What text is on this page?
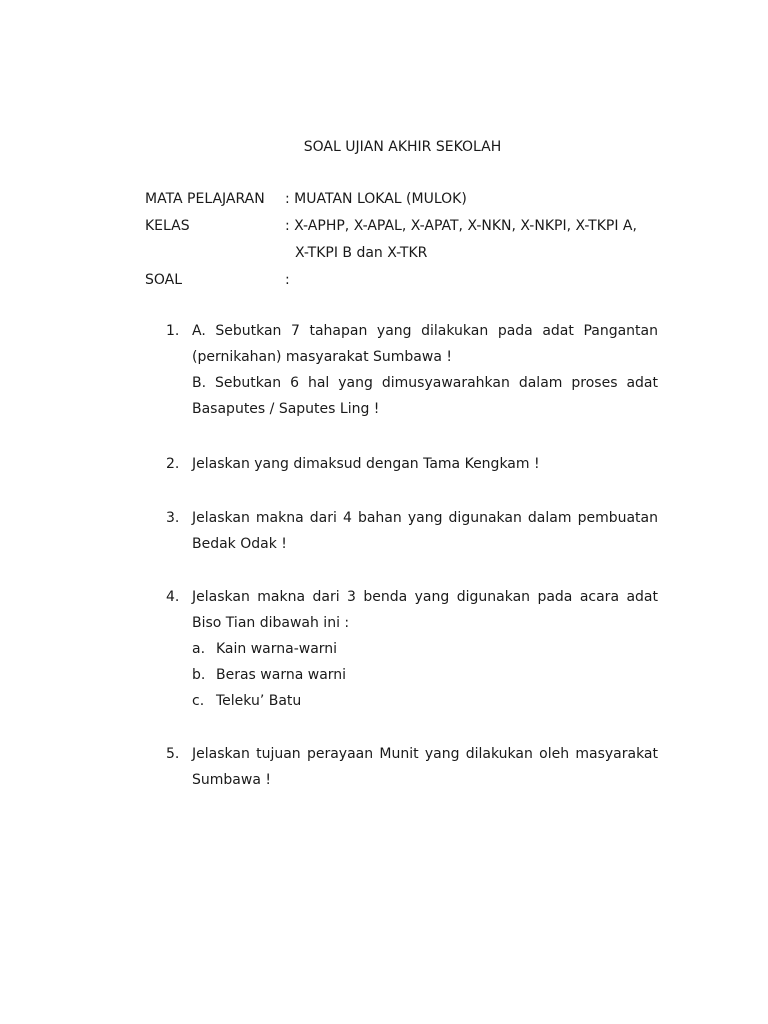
SOAL UJIAN AKHIR SEKOLAH
MATA PELAJARAN : MUATAN LOKAL (MULOK)
KELAS	: X-APHP, X-APAL, X-APAT, X-NKN, X-NKPI, X-TKPI A,
X-TKPI B dan X-TKR
SOAL	:
1. A. Sebutkan 7 tahapan yang dilakukan pada adat Pangantan (pernikahan) masyarakat Sumbawa !

B. Sebutkan 6 hal yang dimusyawarahkan dalam proses adat Basaputes / Saputes Ling !

2. Jelaskan yang dimaksud dengan Tama Kengkam !

3. Jelaskan makna dari 4 bahan yang digunakan dalam pembuatan Bedak Odak !

4. Jelaskan makna dari 3 benda yang digunakan pada acara adat Biso Tian dibawah ini :

a. Kain warna-warni
b. Beras warna warni
c. Teleku’ Batu
5. Jelaskan tujuan perayaan Munit yang dilakukan oleh masyarakat Sumbawa !
